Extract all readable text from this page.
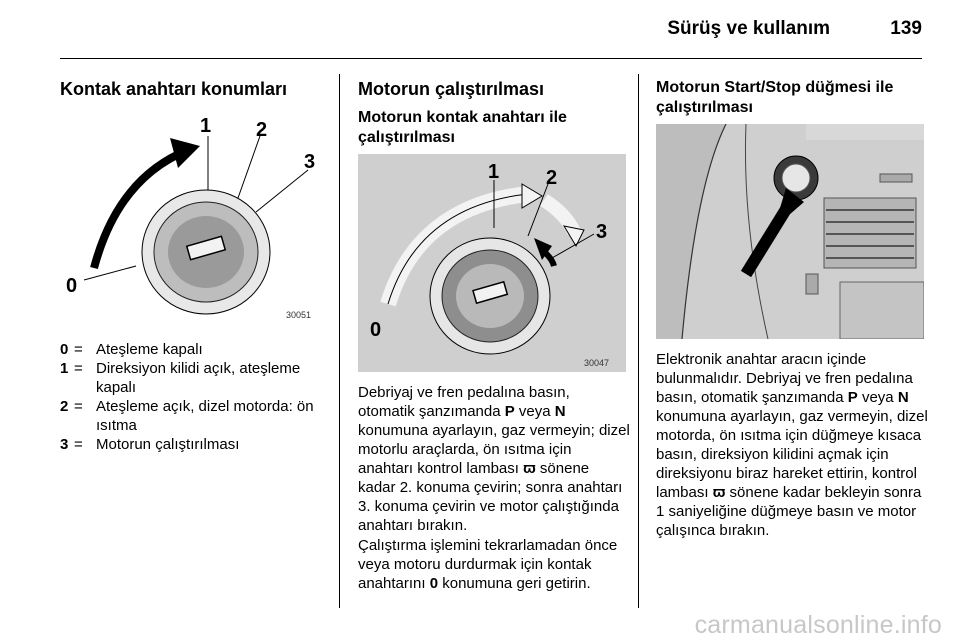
Sürüş ve kullanım	139
Kontak anahtarı konumları
0
1 2
3
30051
0 = Ateşleme kapalı
1 = Direksiyon kilidi açık, ateşleme kapalı
2 = Ateşleme açık, dizel motorda: ön ısıtma
3 = Motorun çalıştırılması
Motorun çalıştırılması
Motorun kontak anahtarı ile çalıştırılması
0
1 2
3
30047
Debriyaj ve fren pedalına basın, otomatik şanzımanda P veya N konumuna ayarlayın, gaz vermeyin; dizel motorlu araçlarda, ön ısıtma için anahtarı kontrol lambası ϖ sönene kadar 2. konuma çevirin; sonra anahtarı 3. konuma çevirin ve motor çalıştığında anahtarı bırakın.
Çalıştırma işlemini tekrarlamadan önce veya motoru durdurmak için kontak anahtarını 0 konumuna geri getirin.
Motorun Start/Stop düğmesi ile çalıştırılması
Elektronik anahtar aracın içinde bulunmalıdır. Debriyaj ve fren pedalına basın, otomatik şanzımanda P veya N konumuna ayarlayın, gaz vermeyin, dizel motorda, ön ısıtma için düğmeye kısaca basın, direksiyon kilidini açmak için direksiyonu biraz hareket ettirin, kontrol lambası ϖ sönene kadar bekleyin sonra 1 saniyeliğine düğmeye basın ve motor çalışınca bırakın.
carmanualsonline.info
